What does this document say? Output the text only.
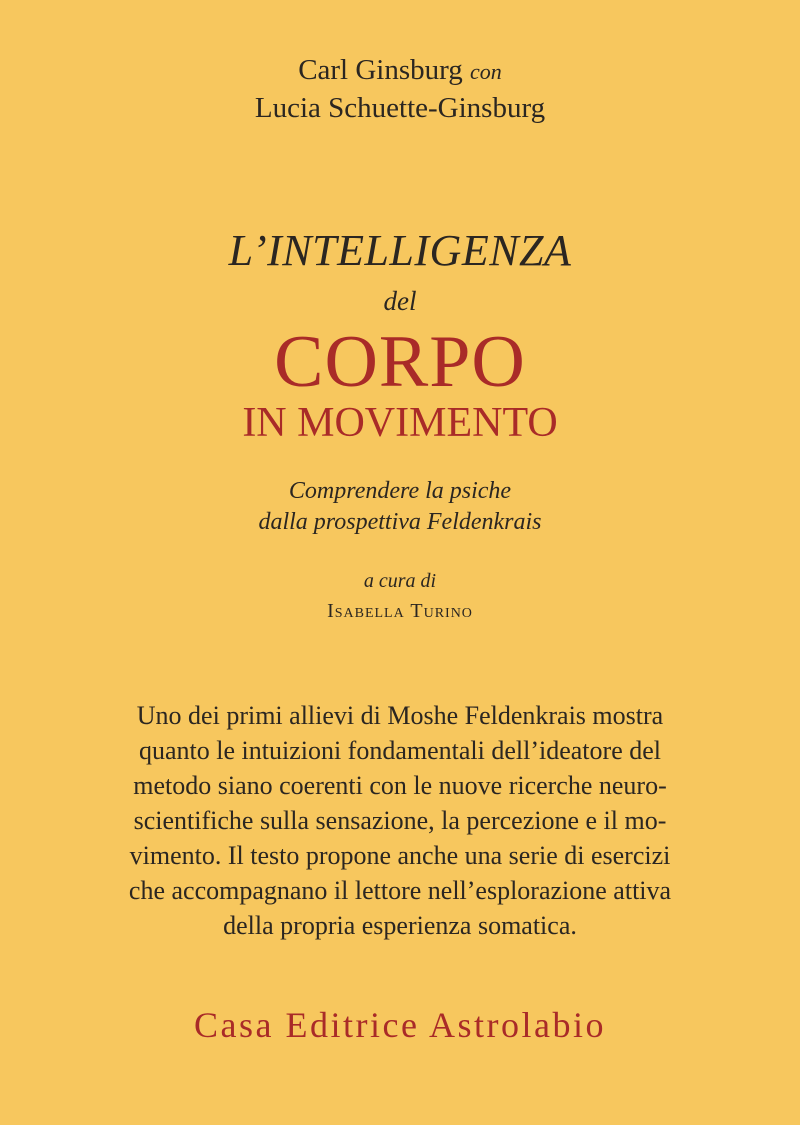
Carl Ginsburg con
Lucia Schuette-Ginsburg
L’INTELLIGENZA
del
CORPO
IN MOVIMENTO
Comprendere la psiche
dalla prospettiva Feldenkrais
a cura di
Isabella Turino
Uno dei primi allievi di Moshe Feldenkrais mostra
quanto le intuizioni fondamentali dell’ideatore del
metodo siano coerenti con le nuove ricerche neuro-
scientifiche sulla sensazione, la percezione e il mo-
vimento. Il testo propone anche una serie di esercizi
che accompagnano il lettore nell’esplorazione attiva
della propria esperienza somatica.
Casa Editrice Astrolabio
